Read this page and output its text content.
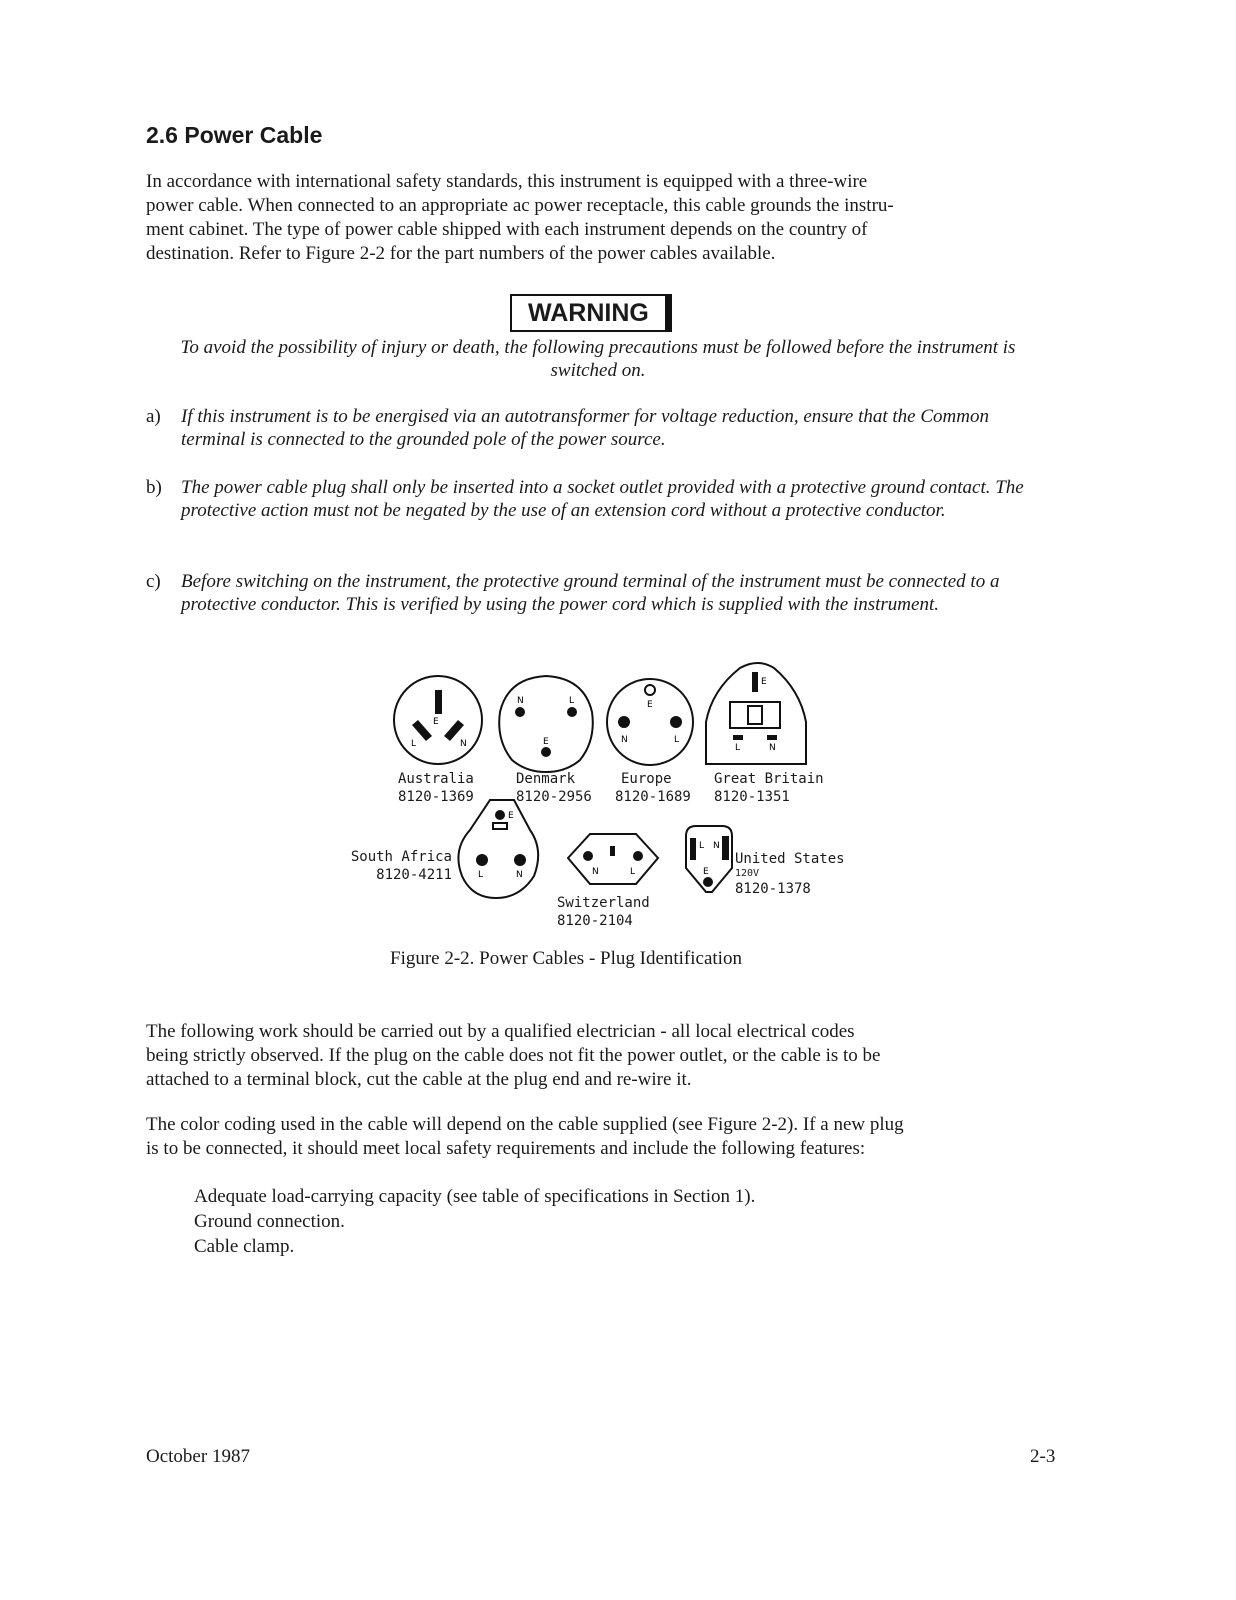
2.6 Power Cable

In accordance with international safety standards, this instrument is equipped with a three-wire

power cable. When connected to an appropriate ac power receptacle, this cable grounds the instru-

ment cabinet. The type of power cable shipped with each instrument depends on the country of

destination. Refer to Figure 2-2 for the part numbers of the power cables available.

WARNING
To avoid the possibility of injury or death, the following precautions must be followed before the instrument is switched on.
a) If this instrument is to be energised via an autotransformer for voltage reduction, ensure that the Common terminal is connected to the grounded pole of the power source.
b) The power cable plug shall only be inserted into a socket outlet provided with a protective ground contact. The protective action must not be negated by the use of an extension cord without a protective conductor.
c) Before switching on the instrument, the protective ground terminal of the instrument must be connected to a protective conductor. This is verified by using the power cord which is supplied with the instrument.
E
L	N
N	L
E
E
N	L
E
L	N
E
L	N	N	L
L N
E
Australia
8120-1369
Denmark
8120-2956
Europe
8120-1689
Great Britain
8120-1351
South Africa
8120-4211
Switzerland
8120-2104
United States
120V
8120-1378
Figure 2-2. Power Cables - Plug Identification

The following work should be carried out by a qualified electrician - all local electrical codes

being strictly observed. If the plug on the cable does not fit the power outlet, or the cable is to be

attached to a terminal block, cut the cable at the plug end and re-wire it.

The color coding used in the cable will depend on the cable supplied (see Figure 2-2). If a new plug

is to be connected, it should meet local safety requirements and include the following features:

Adequate load-carrying capacity (see table of specifications in Section 1).
Ground connection.
Cable clamp.
October 1987	2-3
